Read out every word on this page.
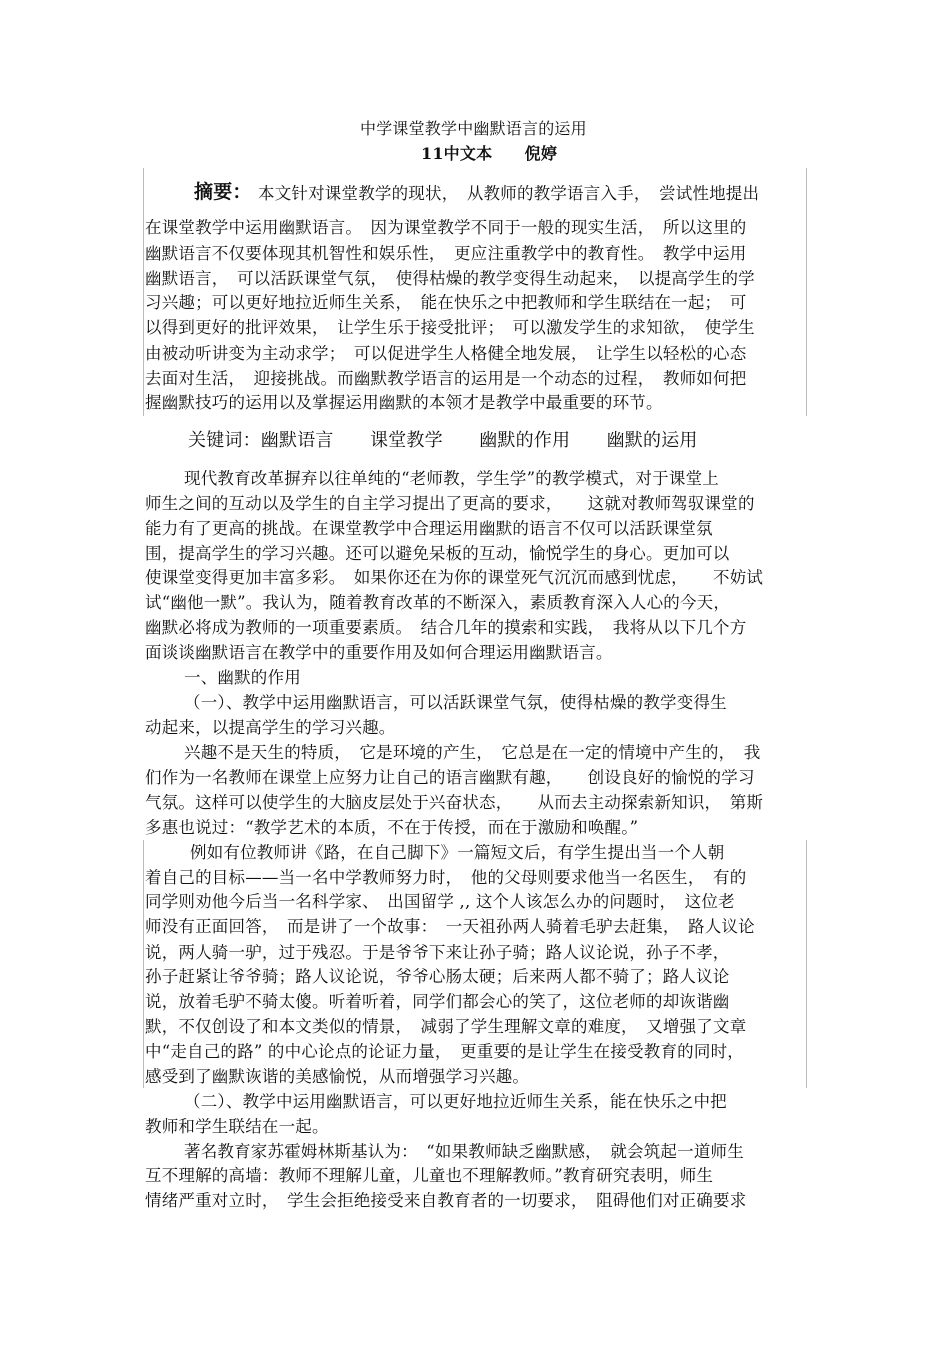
中学课堂教学中幽默语言的运用
11中文本　　倪婷
摘要： 本文针对课堂教学的现状，　从教师的教学语言入手，　尝试性地提出
在课堂教学中运用幽默语言。　因为课堂教学不同于一般的现实生活，　所以这里的
幽默语言不仅要体现其机智性和娱乐性，　更应注重教学中的教育性。　教学中运用
幽默语言，　可以活跃课堂气氛，　使得枯燥的教学变得生动起来，　以提高学生的学
习兴趣；可以更好地拉近师生关系，　能在快乐之中把教师和学生联结在一起；　可
以得到更好的批评效果，　让学生乐于接受批评；　可以激发学生的求知欲，　使学生
由被动听讲变为主动求学；　可以促进学生人格健全地发展，　让学生以轻松的心态
去面对生活，　迎接挑战。而幽默教学语言的运用是一个动态的过程，　教师如何把
握幽默技巧的运用以及掌握运用幽默的本领才是教学中最重要的环节。
关键词：幽默语言　　课堂教学　　幽默的作用　　幽默的运用
现代教育改革摒弃以往单纯的“老师教，学生学”的教学模式，对于课堂上
师生之间的互动以及学生的自主学习提出了更高的要求，　　这就对教师驾驭课堂的
能力有了更高的挑战。在课堂教学中合理运用幽默的语言不仅可以活跃课堂氛
围，提高学生的学习兴趣。还可以避免呆板的互动，愉悦学生的身心。更加可以
使课堂变得更加丰富多彩。　如果你还在为你的课堂死气沉沉而感到忧虑，　　不妨试
试“幽他一默”。我认为，随着教育改革的不断深入，素质教育深入人心的今天，
幽默必将成为教师的一项重要素质。　结合几年的摸索和实践，　我将从以下几个方
面谈谈幽默语言在教学中的重要作用及如何合理运用幽默语言。
一、幽默的作用
（一）、教学中运用幽默语言，可以活跃课堂气氛，使得枯燥的教学变得生
动起来，以提高学生的学习兴趣。
兴趣不是天生的特质，　它是环境的产生，　它总是在一定的情境中产生的，　我
们作为一名教师在课堂上应努力让自己的语言幽默有趣，　　创设良好的愉悦的学习
气氛。这样可以使学生的大脑皮层处于兴奋状态，　　从而去主动探索新知识，　第斯
多惠也说过：“教学艺术的本质，不在于传授，而在于激励和唤醒。”
例如有位教师讲《路，在自己脚下》一篇短文后，有学生提出当一个人朝
着自己的目标——当一名中学教师努力时，　他的父母则要求他当一名医生，　有的
同学则劝他今后当一名科学家、　出国留学 ,, 这个人该怎么办的问题时，　这位老
师没有正面回答，　而是讲了一个故事：　一天祖孙两人骑着毛驴去赶集，　路人议论
说，两人骑一驴，过于残忍。于是爷爷下来让孙子骑；路人议论说，孙子不孝，
孙子赶紧让爷爷骑；路人议论说，爷爷心肠太硬；后来两人都不骑了；路人议论
说，放着毛驴不骑太傻。听着听着，同学们都会心的笑了，这位老师的却诙谐幽
默，不仅创设了和本文类似的情景，　减弱了学生理解文章的难度，　又增强了文章
中“走自己的路” 的中心论点的论证力量，　更重要的是让学生在接受教育的同时，
感受到了幽默诙谐的美感愉悦，从而增强学习兴趣。
（二）、教学中运用幽默语言，可以更好地拉近师生关系，能在快乐之中把
教师和学生联结在一起。
著名教育家苏霍姆林斯基认为：　“如果教师缺乏幽默感，　就会筑起一道师生
互不理解的高墙：教师不理解儿童，儿童也不理解教师。”教育研究表明，师生
情绪严重对立时，　学生会拒绝接受来自教育者的一切要求，　阻碍他们对正确要求
